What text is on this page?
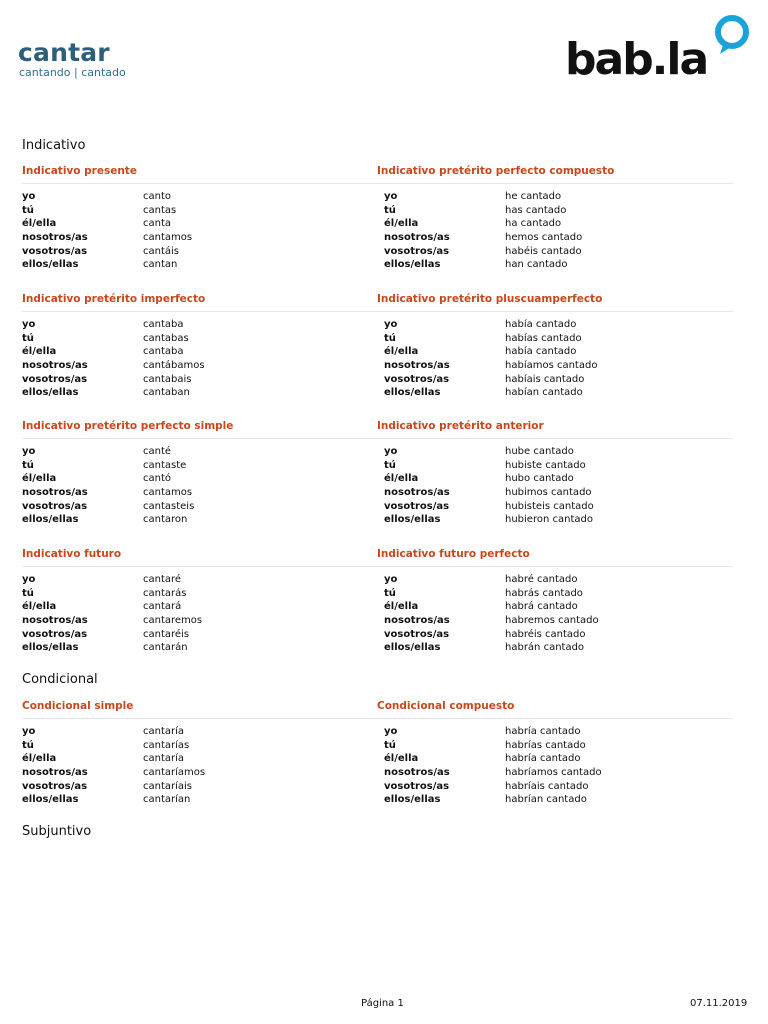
cantar
cantando | cantado	bab.la
Indicativo
Condicional
Subjuntivo
Indicativo presente
yo	canto
tú	cantas
él/ella	canta
nosotros/as	cantamos
vosotros/as	cantáis
ellos/ellas	cantan
Indicativo pretérito perfecto compuesto
yo	he cantado
tú	has cantado
él/ella	ha cantado
nosotros/as	hemos cantado
vosotros/as	habéis cantado
ellos/ellas	han cantado
Indicativo pretérito imperfecto
yo	cantaba
tú	cantabas
él/ella	cantaba
nosotros/as	cantábamos
vosotros/as	cantabais
ellos/ellas	cantaban
Indicativo pretérito pluscuamperfecto
yo	había cantado
tú	habías cantado
él/ella	había cantado
nosotros/as	habíamos cantado
vosotros/as	habíais cantado
ellos/ellas	habían cantado
Indicativo pretérito perfecto simple
yo	canté
tú	cantaste
él/ella	cantó
nosotros/as	cantamos
vosotros/as	cantasteis
ellos/ellas	cantaron
Indicativo pretérito anterior
yo	hube cantado
tú	hubiste cantado
él/ella	hubo cantado
nosotros/as	hubimos cantado
vosotros/as	hubisteis cantado
ellos/ellas	hubieron cantado
Indicativo futuro
yo	cantaré
tú	cantarás
él/ella	cantará
nosotros/as	cantaremos
vosotros/as	cantaréis
ellos/ellas	cantarán
Indicativo futuro perfecto
yo	habré cantado
tú	habrás cantado
él/ella	habrá cantado
nosotros/as	habremos cantado
vosotros/as	habréis cantado
ellos/ellas	habrán cantado
Condicional simple
yo	cantaría
tú	cantarías
él/ella	cantaría
nosotros/as	cantaríamos
vosotros/as	cantaríais
ellos/ellas	cantarían
Condicional compuesto
yo	habría cantado
tú	habrías cantado
él/ella	habría cantado
nosotros/as	habríamos cantado
vosotros/as	habríais cantado
ellos/ellas	habrían cantado
Página 1	07.11.2019
